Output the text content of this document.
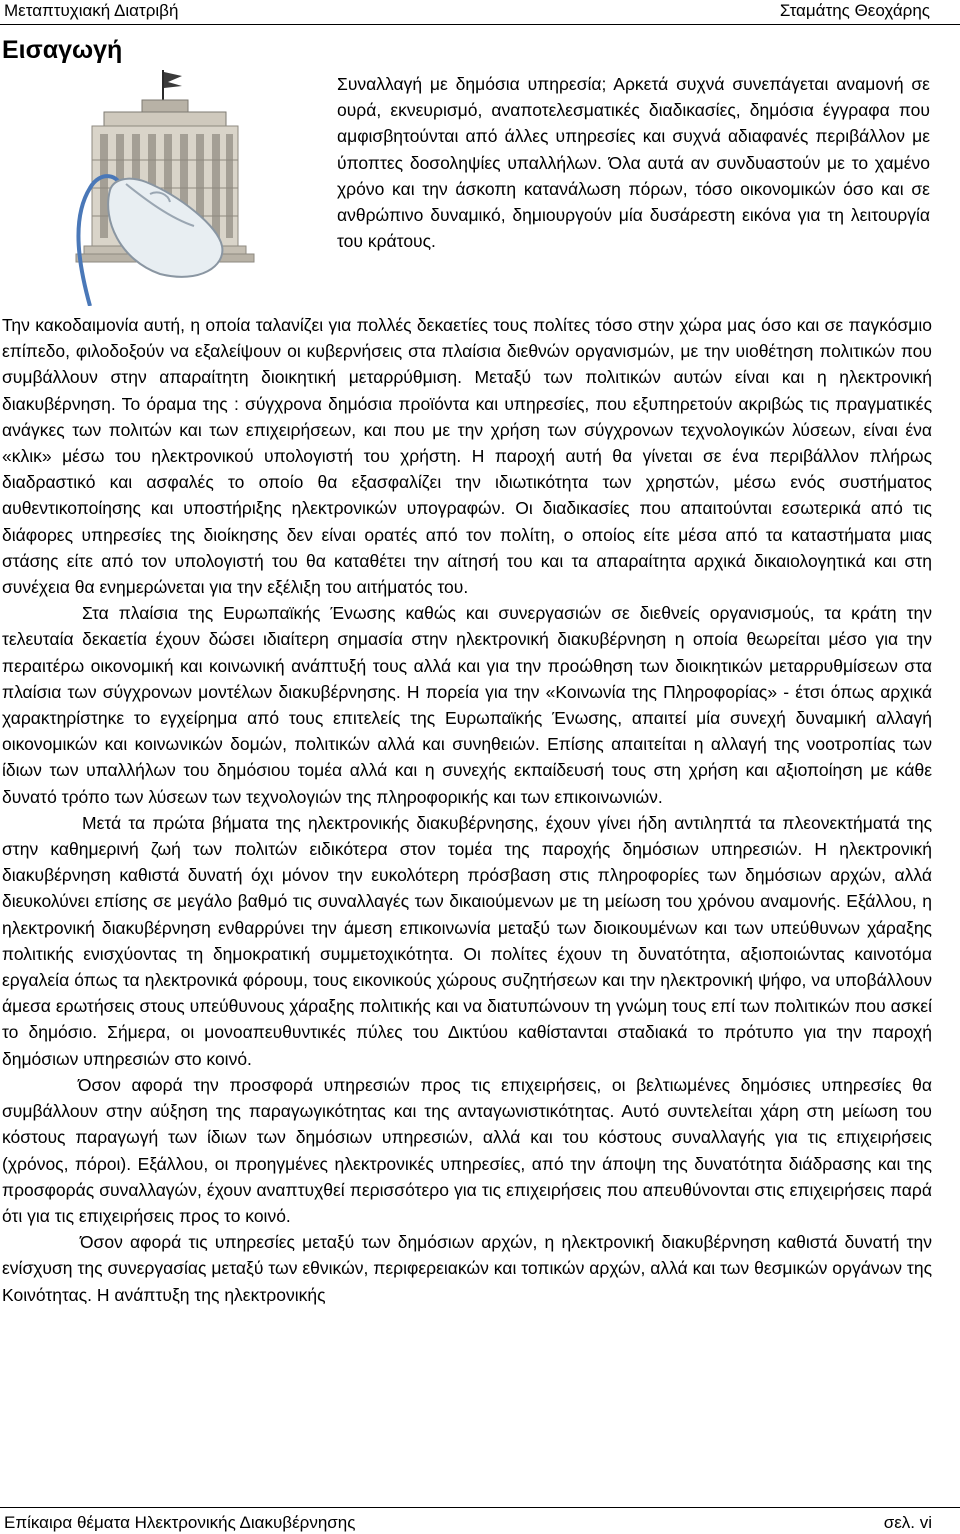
Μεταπτυχιακή Διατριβή	Σταμάτης Θεοχάρης
Εισαγωγή

Συναλλαγή με δημόσια υπηρεσία; Αρκετά συχνά συνεπάγεται αναμονή σε ουρά, εκνευρισμό, αναποτελεσματικές διαδικασίες, δημόσια έγγραφα που αμφισβητούνται από άλλες υπηρεσίες και συχνά αδιαφανές περιβάλλον με ύποπτες δοσοληψίες υπαλλήλων. Όλα αυτά αν συνδυαστούν με το χαμένο χρόνο και την άσκοπη κατανάλωση πόρων, τόσο οικονομικών όσο και σε ανθρώπινο δυναμικό, δημιουργούν μία δυσάρεστη εικόνα για τη λειτουργία του κράτους.

Την κακοδαιμονία αυτή, η οποία ταλανίζει για πολλές δεκαετίες τους πολίτες τόσο στην χώρα μας όσο και σε παγκόσμιο επίπεδο, φιλοδοξούν να εξαλείψουν οι κυβερνήσεις στα πλαίσια διεθνών οργανισμών, με την υιοθέτηση πολιτικών που συμβάλλουν στην απαραίτητη διοικητική μεταρρύθμιση. Μεταξύ των πολιτικών αυτών είναι και η ηλεκτρονική διακυβέρνηση. Το όραμα της : σύγχρονα δημόσια προϊόντα και υπηρεσίες, που εξυπηρετούν ακριβώς τις πραγματικές ανάγκες των πολιτών και των επιχειρήσεων, και που με την χρήση των σύγχρονων τεχνολογικών λύσεων, είναι ένα «κλικ» μέσω του ηλεκτρονικού υπολογιστή του χρήστη. Η παροχή αυτή θα γίνεται σε ένα περιβάλλον πλήρως διαδραστικό και ασφαλές το οποίο θα εξασφαλίζει την ιδιωτικότητα των χρηστών, μέσω ενός συστήματος αυθεντικοποίησης και υποστήριξης ηλεκτρονικών υπογραφών. Οι διαδικασίες που απαιτούνται εσωτερικά από τις διάφορες υπηρεσίες της διοίκησης δεν είναι ορατές από τον πολίτη, ο οποίος είτε μέσα από τα καταστήματα μιας στάσης είτε από τον υπολογιστή του θα καταθέτει την αίτησή του και τα απαραίτητα αρχικά δικαιολογητικά και στη συνέχεια θα ενημερώνεται για την εξέλιξη του αιτήματός του.

Στα πλαίσια της Ευρωπαϊκής Ένωσης καθώς και συνεργασιών σε διεθνείς οργανισμούς, τα κράτη την τελευταία δεκαετία έχουν δώσει ιδιαίτερη σημασία στην ηλεκτρονική διακυβέρνηση η οποία θεωρείται μέσο για την περαιτέρω οικονομική και κοινωνική ανάπτυξή τους αλλά και για την προώθηση των διοικητικών μεταρρυθμίσεων στα πλαίσια των σύγχρονων μοντέλων διακυβέρνησης. Η πορεία για την «Κοινωνία της Πληροφορίας» - έτσι όπως αρχικά χαρακτηρίστηκε το εγχείρημα από τους επιτελείς της Ευρωπαϊκής Ένωσης, απαιτεί μία συνεχή δυναμική αλλαγή οικονομικών και κοινωνικών δομών, πολιτικών αλλά και συνηθειών. Επίσης απαιτείται η αλλαγή της νοοτροπίας των ίδιων των υπαλλήλων του δημόσιου τομέα αλλά και η συνεχής εκπαίδευσή τους στη χρήση και αξιοποίηση με κάθε δυνατό τρόπο των λύσεων των τεχνολογιών της πληροφορικής και των επικοινωνιών.

Μετά τα πρώτα βήματα της ηλεκτρονικής διακυβέρνησης, έχουν γίνει ήδη αντιληπτά τα πλεονεκτήματά της στην καθημερινή ζωή των πολιτών ειδικότερα στον τομέα της παροχής δημόσιων υπηρεσιών. Η ηλεκτρονική διακυβέρνηση καθιστά δυνατή όχι μόνον την ευκολότερη πρόσβαση στις πληροφορίες των δημόσιων αρχών, αλλά διευκολύνει επίσης σε μεγάλο βαθμό τις συναλλαγές των δικαιούμενων με τη μείωση του χρόνου αναμονής. Εξάλλου, η ηλεκτρονική διακυβέρνηση ενθαρρύνει την άμεση επικοινωνία μεταξύ των διοικουμένων και των υπεύθυνων χάραξης πολιτικής ενισχύοντας τη δημοκρατική συμμετοχικότητα. Οι πολίτες έχουν τη δυνατότητα, αξιοποιώντας καινοτόμα εργαλεία όπως τα ηλεκτρονικά φόρουμ, τους εικονικούς χώρους συζητήσεων και την ηλεκτρονική ψήφο, να υποβάλλουν άμεσα ερωτήσεις στους υπεύθυνους χάραξης πολιτικής και να διατυπώνουν τη γνώμη τους επί των πολιτικών που ασκεί το δημόσιο. Σήμερα, οι μονοαπευθυντικές πύλες του Δικτύου καθίστανται σταδιακά το πρότυπο για την παροχή δημόσιων υπηρεσιών στο κοινό.

Όσον αφορά την προσφορά υπηρεσιών προς τις επιχειρήσεις, οι βελτιωμένες δημόσιες υπηρεσίες θα συμβάλλουν στην αύξηση της παραγωγικότητας και της ανταγωνιστικότητας. Αυτό συντελείται χάρη στη μείωση του κόστους παραγωγή των ίδιων των δημόσιων υπηρεσιών, αλλά και του κόστους συναλλαγής για τις επιχειρήσεις (χρόνος, πόροι). Εξάλλου, οι προηγμένες ηλεκτρονικές υπηρεσίες, από την άποψη της δυνατότητα διάδρασης και της προσφοράς συναλλαγών, έχουν αναπτυχθεί περισσότερο για τις επιχειρήσεις που απευθύνονται στις επιχειρήσεις παρά ότι για τις επιχειρήσεις προς το κοινό.

Όσον αφορά τις υπηρεσίες μεταξύ των δημόσιων αρχών, η ηλεκτρονική διακυβέρνηση καθιστά δυνατή την ενίσχυση της συνεργασίας μεταξύ των εθνικών, περιφερειακών και τοπικών αρχών, αλλά και των θεσμικών οργάνων της Κοινότητας. Η ανάπτυξη της ηλεκτρονικής

Επίκαιρα θέματα Ηλεκτρονικής Διακυβέρνησης	σελ. vi
